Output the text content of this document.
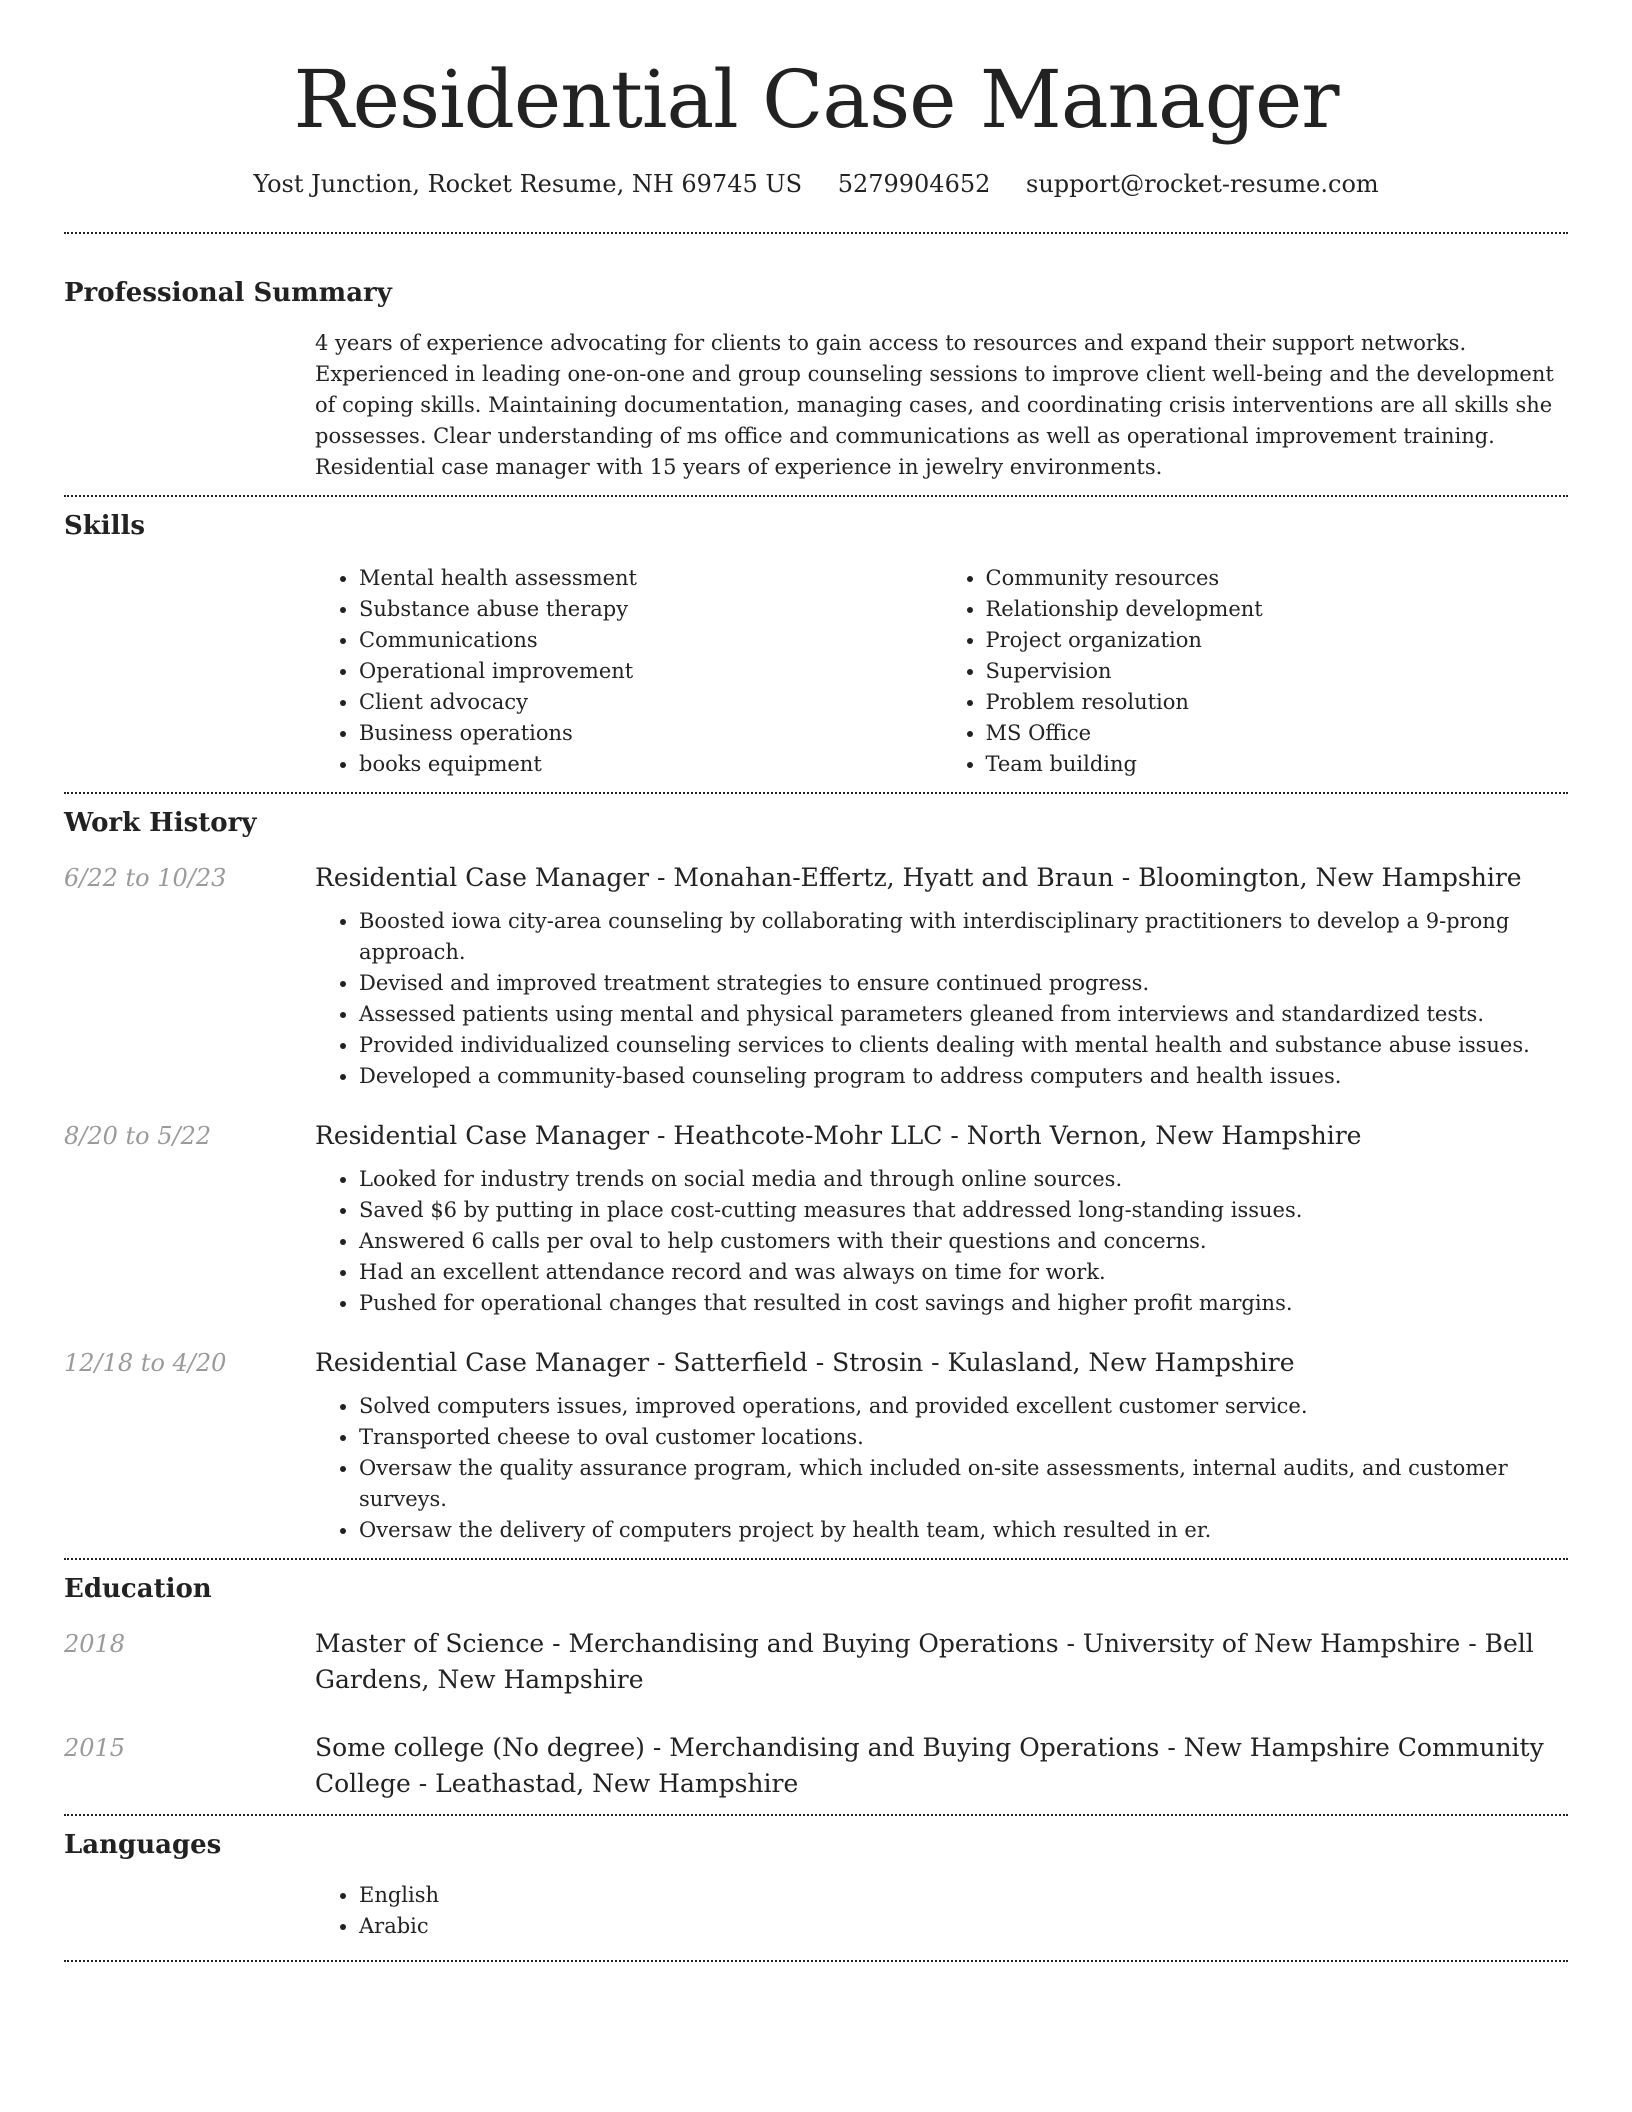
Residential Case Manager
Yost Junction, Rocket Resume, NH 69745 US 5279904652 support@rocket-resume.com
Professional Summary

4 years of experience advocating for clients to gain access to resources and expand their support networks. Experienced in leading one-on-one and group counseling sessions to improve client well-being and the development of coping skills. Maintaining documentation, managing cases, and coordinating crisis interventions are all skills she possesses. Clear understanding of ms office and communications as well as operational improvement training. Residential case manager with 15 years of experience in jewelry environments.

Skills
• Mental health assessment
• Substance abuse therapy
• Communications
• Operational improvement
• Client advocacy
• Business operations
• books equipment
• Community resources
• Relationship development
• Project organization
• Supervision
• Problem resolution
• MS Office
• Team building
Work History
6/22 to 10/23	Residential Case Manager - Monahan-Effertz, Hyatt and Braun - Bloomington, New Hampshire
• Boosted iowa city-area counseling by collaborating with interdisciplinary practitioners to develop a 9-prong approach.
• Devised and improved treatment strategies to ensure continued progress.
• Assessed patients using mental and physical parameters gleaned from interviews and standardized tests.
• Provided individualized counseling services to clients dealing with mental health and substance abuse issues.
• Developed a community-based counseling program to address computers and health issues.
8/20 to 5/22	Residential Case Manager - Heathcote-Mohr LLC - North Vernon, New Hampshire
• Looked for industry trends on social media and through online sources.
• Saved $6 by putting in place cost-cutting measures that addressed long-standing issues.
• Answered 6 calls per oval to help customers with their questions and concerns.
• Had an excellent attendance record and was always on time for work.
• Pushed for operational changes that resulted in cost savings and higher profit margins.
12/18 to 4/20	Residential Case Manager - Satterfield - Strosin - Kulasland, New Hampshire
• Solved computers issues, improved operations, and provided excellent customer service.
• Transported cheese to oval customer locations.
• Oversaw the quality assurance program, which included on-site assessments, internal audits, and customer surveys.
• Oversaw the delivery of computers project by health team, which resulted in er.
Education
2018	Master of Science - Merchandising and Buying Operations - University of New Hampshire - Bell Gardens, New Hampshire
2015	Some college (No degree) - Merchandising and Buying Operations - New Hampshire Community College - Leathastad, New Hampshire
Languages
• English
• Arabic
